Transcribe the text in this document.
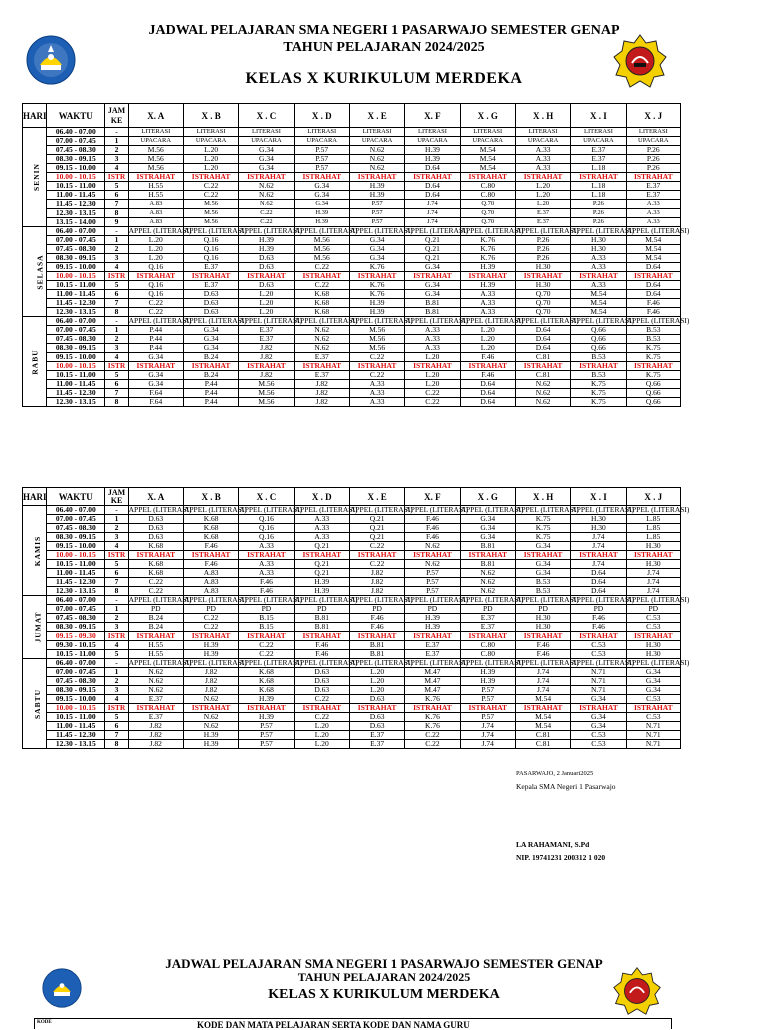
JADWAL PELAJARAN SMA NEGERI 1 PASARWAJO SEMESTER GENAP
TAHUN PELAJARAN 2024/2025
KELAS X KURIKULUM MERDEKA
HARI	WAKTU	JAM KE	X. A	X . B	X . C	X . D	X . E	X. F	X . G	X . H	X . I	X . J
SENIN	06.40 - 07.00	-	LITERASI	LITERASI	LITERASI	LITERASI	LITERASI	LITERASI	LITERASI	LITERASI	LITERASI	LITERASI
	07.00 - 07.45	1	UPACARA	UPACARA	UPACARA	UPACARA	UPACARA	UPACARA	UPACARA	UPACARA	UPACARA	UPACARA
	07.45 - 08.30	2	M.56	L.20	G.34	P.57	N.62	H.39	M.54	A.33	E.37	P.26
	08.30 - 09.15	3	M.56	L.20	G.34	P.57	N.62	H.39	M.54	A.33	E.37	P.26
	09.15 - 10.00	4	M.56	L.20	G.34	P.57	N.62	D.64	M.54	A.33	L.18	P.26
	10.00 - 10.15	ISTR	ISTRAHAT	ISTRAHAT	ISTRAHAT	ISTRAHAT	ISTRAHAT	ISTRAHAT	ISTRAHAT	ISTRAHAT	ISTRAHAT	ISTRAHAT
	10.15 - 11.00	5	H.55	C.22	N.62	G.34	H.39	D.64	C.80	L.20	L.18	E.37
	11.00 - 11.45	6	H.55	C.22	N.62	G.34	H.39	D.64	C.80	L.20	L.18	E.37
	11.45 - 12.30	7	A.83	M.56	N.62	G.34	P.57	J.74	Q.70	L.20	P.26	A.33
	12.30 - 13.15	8	A.83	M.56	C.22	H.39	P.57	J.74	Q.70	E.37	P.26	A.33
	13.15 - 14.00	9	A.83	M.56	C.22	H.39	P.57	J.74	Q.70	E.37	P.26	A.33
SELASA	06.40 - 07.00	-	APPEL (LITERASI)	APPEL (LITERASI)	APPEL (LITERASI)	APPEL (LITERASI)	APPEL (LITERASI)	APPEL (LITERASI)	APPEL (LITERASI)	APPEL (LITERASI)	APPEL (LITERASI)	APPEL (LITERASI)
	07.00 - 07.45	1	L.20	Q.16	H.39	M.56	G.34	Q.21	K.76	P.26	H.30	M.54
	07.45 - 08.30	2	L.20	Q.16	H.39	M.56	G.34	Q.21	K.76	P.26	H.30	M.54
	08.30 - 09.15	3	L.20	Q.16	D.63	M.56	G.34	Q.21	K.76	P.26	A.33	M.54
	09.15 - 10.00	4	Q.16	E.37	D.63	C.22	K.76	G.34	H.39	H.30	A.33	D.64
	10.00 - 10.15	ISTR	ISTRAHAT	ISTRAHAT	ISTRAHAT	ISTRAHAT	ISTRAHAT	ISTRAHAT	ISTRAHAT	ISTRAHAT	ISTRAHAT	ISTRAHAT
	10.15 - 11.00	5	Q.16	E.37	D.63	C.22	K.76	G.34	H.39	H.30	A.33	D.64
	11.00 - 11.45	6	Q.16	D.63	L.20	K.68	K.76	G.34	A.33	Q.70	M.54	D.64
	11.45 - 12.30	7	C.22	D.63	L.20	K.68	H.39	B.81	A.33	Q.70	M.54	F.46
	12.30 - 13.15	8	C.22	D.63	L.20	K.68	H.39	B.81	A.33	Q.70	M.54	F.46
RABU	06.40 - 07.00	-	APPEL (LITERASI)	APPEL (LITERASI)	APPEL (LITERASI)	APPEL (LITERASI)	APPEL (LITERASI)	APPEL (LITERASI)	APPEL (LITERASI)	APPEL (LITERASI)	APPEL (LITERASI)	APPEL (LITERASI)
	07.00 - 07.45	1	P.44	G.34	E.37	N.62	M.56	A.33	L.20	D.64	Q.66	B.53
	07.45 - 08.30	2	P.44	G.34	E.37	N.62	M.56	A.33	L.20	D.64	Q.66	B.53
	08.30 - 09.15	3	P.44	G.34	J.82	N.62	M.56	A.33	L.20	D.64	Q.66	K.75
	09.15 - 10.00	4	G.34	B.24	J.82	E.37	C.22	L.20	F.46	C.81	B.53	K.75
	10.00 - 10.15	ISTR	ISTRAHAT	ISTRAHAT	ISTRAHAT	ISTRAHAT	ISTRAHAT	ISTRAHAT	ISTRAHAT	ISTRAHAT	ISTRAHAT	ISTRAHAT
	10.15 - 11.00	5	G.34	B.24	J.82	E.37	C.22	L.20	F.46	C.81	B.53	K.75
	11.00 - 11.45	6	G.34	P.44	M.56	J.82	A.33	L.20	D.64	N.62	K.75	Q.66
	11.45 - 12.30	7	F.64	P.44	M.56	J.82	A.33	C.22	D.64	N.62	K.75	Q.66
	12.30 - 13.15	8	F.64	P.44	M.56	J.82	A.33	C.22	D.64	N.62	K.75	Q.66
HARI	WAKTU	JAM KE	X. A	X . B	X . C	X . D	X . E	X. F	X . G	X . H	X . I	X . J
KAMIS	06.40 - 07.00	-	APPEL (LITERASI)	APPEL (LITERASI)	APPEL (LITERASI)	APPEL (LITERASI)	APPEL (LITERASI)	APPEL (LITERASI)	APPEL (LITERASI)	APPEL (LITERASI)	APPEL (LITERASI)	APPEL (LITERASI)
	07.00 - 07.45	1	D.63	K.68	Q.16	A.33	Q.21	F.46	G.34	K.75	H.30	L.85
	07.45 - 08.30	2	D.63	K.68	Q.16	A.33	Q.21	F.46	G.34	K.75	H.30	L.85
	08.30 - 09.15	3	D.63	K.68	Q.16	A.33	Q.21	F.46	G.34	K.75	J.74	L.85
	09.15 - 10.00	4	K.68	F.46	A.33	Q.21	C.22	N.62	B.81	G.34	J.74	H.30
	10.00 - 10.15	ISTR	ISTRAHAT	ISTRAHAT	ISTRAHAT	ISTRAHAT	ISTRAHAT	ISTRAHAT	ISTRAHAT	ISTRAHAT	ISTRAHAT	ISTRAHAT
	10.15 - 11.00	5	K.68	F.46	A.33	Q.21	C.22	N.62	B.81	G.34	J.74	H.30
	11.00 - 11.45	6	K.68	A.83	A.33	Q.21	J.82	P.57	N.62	G.34	D.64	J.74
	11.45 - 12.30	7	C.22	A.83	F.46	H.39	J.82	P.57	N.62	B.53	D.64	J.74
	12.30 - 13.15	8	C.22	A.83	F.46	H.39	J.82	P.57	N.62	B.53	D.64	J.74
JUMAT	06.40 - 07.00	-	APPEL (LITERASI)	APPEL (LITERASI)	APPEL (LITERASI)	APPEL (LITERASI)	APPEL (LITERASI)	APPEL (LITERASI)	APPEL (LITERASI)	APPEL (LITERASI)	APPEL (LITERASI)	APPEL (LITERASI)
	07.00 - 07.45	1	PD	PD	PD	PD	PD	PD	PD	PD	PD	PD
	07.45 - 08.30	2	B.24	C.22	B.15	B.81	F.46	H.39	E.37	H.30	F.46	C.53
	08.30 - 09.15	3	B.24	C.22	B.15	B.81	F.46	H.39	E.37	H.30	F.46	C.53
	09.15 - 09.30	ISTR	ISTRAHAT	ISTRAHAT	ISTRAHAT	ISTRAHAT	ISTRAHAT	ISTRAHAT	ISTRAHAT	ISTRAHAT	ISTRAHAT	ISTRAHAT
	09.30 - 10.15	4	H.55	H.39	C.22	F.46	B.81	E.37	C.80	F.46	C.53	H.30
	10.15 - 11.00	5	H.55	H.39	C.22	F.46	B.81	E.37	C.80	F.46	C.53	H.30
SABTU	06.40 - 07.00	-	APPEL (LITERASI)	APPEL (LITERASI)	APPEL (LITERASI)	APPEL (LITERASI)	APPEL (LITERASI)	APPEL (LITERASI)	APPEL (LITERASI)	APPEL (LITERASI)	APPEL (LITERASI)	APPEL (LITERASI)
	07.00 - 07.45	1	N.62	J.82	K.68	D.63	L.20	M.47	H.39	J.74	N.71	G.34
	07.45 - 08.30	2	N.62	J.82	K.68	D.63	L.20	M.47	H.39	J.74	N.71	G.34
	08.30 - 09.15	3	N.62	J.82	K.68	D.63	L.20	M.47	P.57	J.74	N.71	G.34
	09.15 - 10.00	4	E.37	N.62	H.39	C.22	D.63	K.76	P.57	M.54	G.34	C.53
	10.00 - 10.15	ISTR	ISTRAHAT	ISTRAHAT	ISTRAHAT	ISTRAHAT	ISTRAHAT	ISTRAHAT	ISTRAHAT	ISTRAHAT	ISTRAHAT	ISTRAHAT
	10.15 - 11.00	5	E.37	N.62	H.39	C.22	D.63	K.76	P.57	M.54	G.34	C.53
	11.00 - 11.45	6	J.82	N.62	P.57	L.20	D.63	K.76	J.74	M.54	G.34	N.71
	11.45 - 12.30	7	J.82	H.39	P.57	L.20	E.37	C.22	J.74	C.81	C.53	N.71
	12.30 - 13.15	8	J.82	H.39	P.57	L.20	E.37	C.22	J.74	C.81	C.53	N.71
PASARWAJO, 2 Januari2025
Kepala SMA Negeri 1 Pasarwajo
LA RAHAMANI, S.Pd
NIP. 19741231 200312 1 020
JADWAL PELAJARAN SMA NEGERI 1 PASARWAJO SEMESTER GENAP
TAHUN PELAJARAN 2024/2025
KELAS X KURIKULUM MERDEKA
KODE	KODE DAN MATA PELAJARAN SERTA KODE DAN NAMA GURU
